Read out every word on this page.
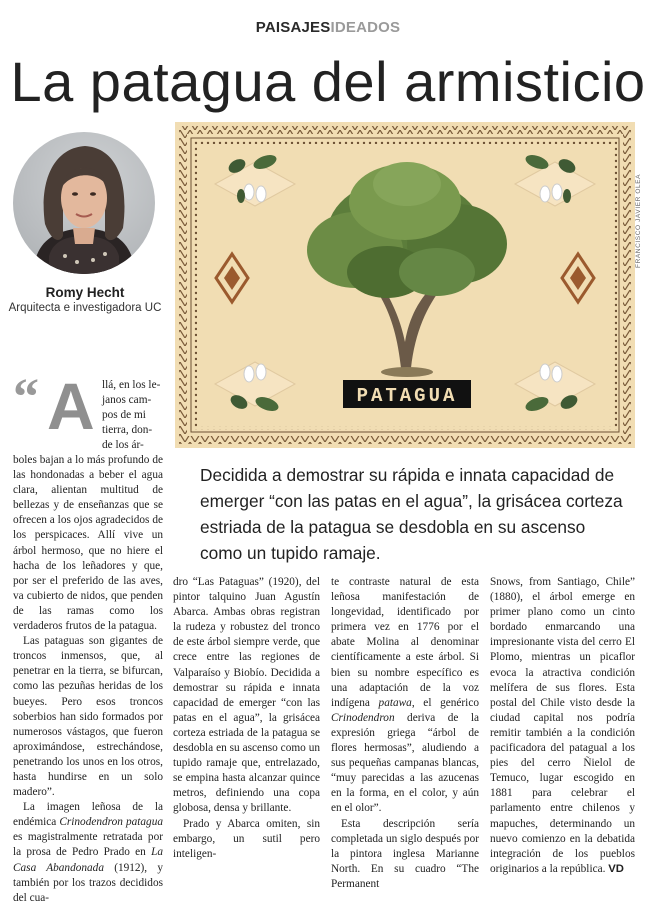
PAISAJESIDEADOS
La patagua del armisticio
Romy Hecht
Arquitecta e investigadora UC
PATAGUA
FRANCISCO JAVIER OLEA
Decidida a demostrar su rápida e innata capacidad de emerger “con las patas en el agua”, la grisácea corteza estriada de la patagua se desdobla en su ascenso como un tupido ramaje.
“ A llá, en los le-
janos cam-
pos de mi
tierra, don-
de los ár-

boles bajan a lo más profundo de las hondonadas a beber el agua clara, alientan multitud de bellezas y de enseñanzas que se ofrecen a los ojos agradecidos de los perspicaces. Allí vive un árbol hermoso, que no hiere el hacha de los leñadores y que, por ser el preferido de las aves, va cubierto de nidos, que penden de las ramas como los verdaderos frutos de la patagua.

Las pataguas son gigantes de troncos inmensos, que, al penetrar en la tierra, se bifurcan, como las pezuñas heridas de los bueyes. Pero esos troncos soberbios han sido formados por numerosos vástagos, que fueron aproximándose, estrechándose, penetrando los unos en los otros, hasta hundirse en un solo madero”.

La imagen leñosa de la endémica Crinodendron patagua es magistralmente retratada por la prosa de Pedro Prado en La Casa Abandonada (1912), y también por los trazos decididos del cua-

dro “Las Pataguas” (1920), del pintor talquino Juan Agustín Abarca. Ambas obras registran la rudeza y robustez del tronco de este árbol siempre verde, que crece entre las regiones de Valparaíso y Biobío. Decidida a demostrar su rápida e innata capacidad de emerger “con las patas en el agua”, la grisácea corteza estriada de la patagua se desdobla en su ascenso como un tupido ramaje que, entrelazado, se empina hasta alcanzar quince metros, definiendo una copa globosa, densa y brillante.

Prado y Abarca omiten, sin embargo, un sutil pero inteligen-

te contraste natural de esta leñosa manifestación de longevidad, identificado por primera vez en 1776 por el abate Molina al denominar científicamente a este árbol. Si bien su nombre específico es una adaptación de la voz indígena patawa, el genérico Crinodendron deriva de la expresión griega “árbol de flores hermosas”, aludiendo a sus pequeñas campanas blancas, “muy parecidas a las azucenas en la forma, en el color, y aún en el olor”.

Esta descripción sería completada un siglo después por la pintora inglesa Marianne North. En su cuadro “The Permanent

Snows, from Santiago, Chile” (1880), el árbol emerge en primer plano como un cinto bordado enmarcando una impresionante vista del cerro El Plomo, mientras un picaflor evoca la atractiva condición melífera de sus flores. Esta postal del Chile visto desde la ciudad capital nos podría remitir también a la condición pacificadora del patagual a los pies del cerro Ñielol de Temuco, lugar escogido en 1881 para celebrar el parlamento entre chilenos y mapuches, determinando un nuevo comienzo en la debatida integración de los pueblos originarios a la república. VD
